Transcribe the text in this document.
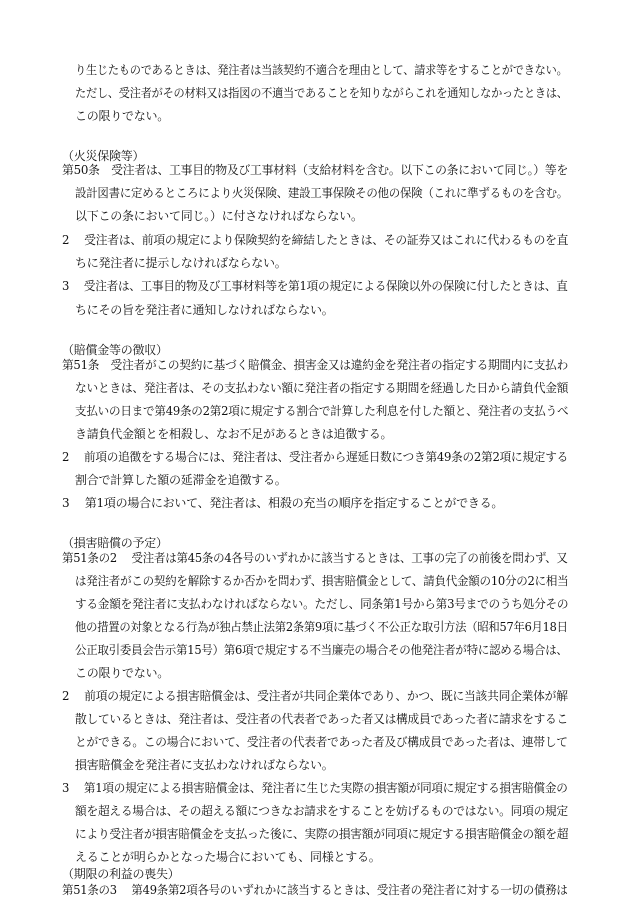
り生じたものであるときは、発注者は当該契約不適合を理由として、請求等をすることができない。
ただし、受注者がその材料又は指図の不適当であることを知りながらこれを通知しなかったときは、
この限りでない。
（火災保険等）
第50条　受注者は、工事目的物及び工事材料（支給材料を含む。以下この条において同じ。）等を
設計図書に定めるところにより火災保険、建設工事保険その他の保険（これに準ずるものを含む。
以下この条において同じ。）に付さなければならない。
2　 受注者は、前項の規定により保険契約を締結したときは、その証券又はこれに代わるものを直
ちに発注者に提示しなければならない。
3　 受注者は、工事目的物及び工事材料等を第1項の規定による保険以外の保険に付したときは、直
ちにその旨を発注者に通知しなければならない。
（賠償金等の徴収）
第51条　受注者がこの契約に基づく賠償金、損害金又は違約金を発注者の指定する期間内に支払わ
ないときは、発注者は、その支払わない額に発注者の指定する期間を経過した日から請負代金額
支払いの日まで第49条の2第2項に規定する割合で計算した利息を付した額と、発注者の支払うべ
き請負代金額とを相殺し、なお不足があるときは追徴する。
2　 前項の追徴をする場合には、発注者は、受注者から遅延日数につき第49条の2第2項に規定する
割合で計算した額の延滞金を追徴する。
3　 第1項の場合において、発注者は、相殺の充当の順序を指定することができる。
（損害賠償の予定）
第51条の2　 受注者は第45条の4各号のいずれかに該当するときは、工事の完了の前後を問わず、又
は発注者がこの契約を解除するか否かを問わず、損害賠償金として、請負代金額の10分の2に相当
する金額を発注者に支払わなければならない。ただし、同条第1号から第3号までのうち処分その
他の措置の対象となる行為が独占禁止法第2条第9項に基づく不公正な取引方法（昭和57年6月18日
公正取引委員会告示第15号）第6項で規定する不当廉売の場合その他発注者が特に認める場合は、
この限りでない。
2　 前項の規定による損害賠償金は、受注者が共同企業体であり、かつ、既に当該共同企業体が解
散しているときは、発注者は、受注者の代表者であった者又は構成員であった者に請求をするこ
とができる。この場合において、受注者の代表者であった者及び構成員であった者は、連帯して
損害賠償金を発注者に支払わなければならない。
3　 第1項の規定による損害賠償金は、発注者に生じた実際の損害額が同項に規定する損害賠償金の
額を超える場合は、その超える額につきなお請求をすることを妨げるものではない。同項の規定
により受注者が損害賠償金を支払った後に、実際の損害額が同項に規定する損害賠償金の額を超
えることが明らかとなった場合においても、同様とする。
（期限の利益の喪失）
第51条の3　 第49条第2項各号のいずれかに該当するときは、受注者の発注者に対する一切の債務は
